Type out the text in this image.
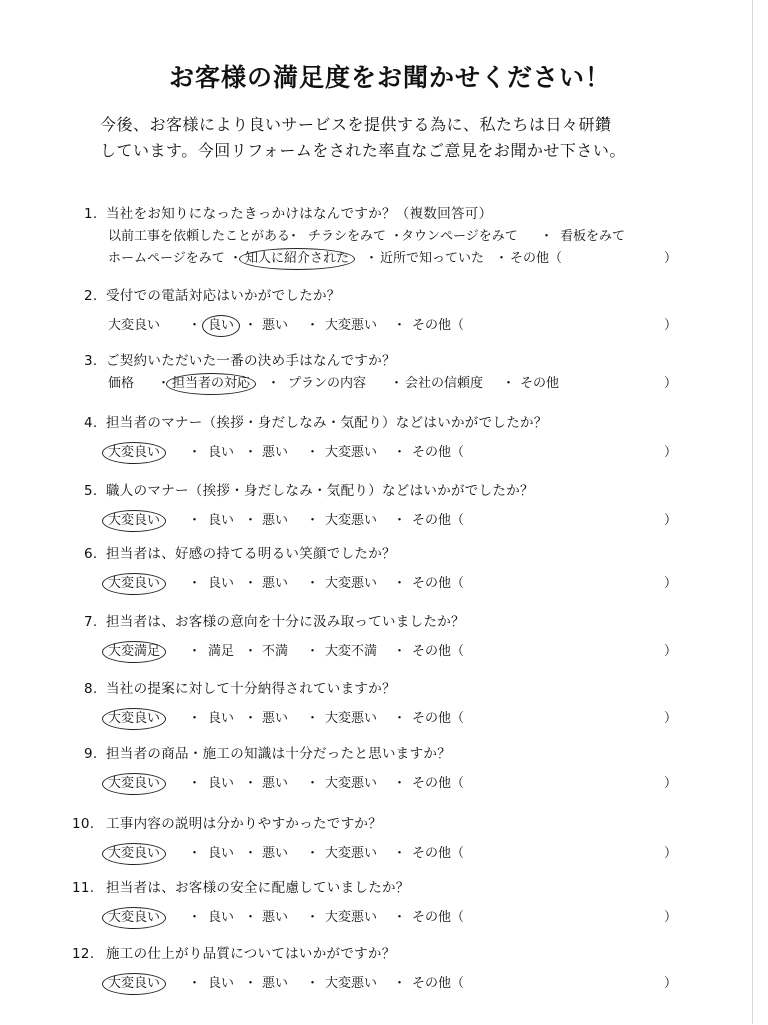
お客様の満足度をお聞かせください！

今後、お客様により良いサービスを提供する為に、私たちは日々研鑽
しています。今回リフォームをされた率直なご意見をお聞かせ下さい。

1. 当社をお知りになったきっかけはなんですか？（複数回答可）
以前工事を依頼したことがある チラシをみて タウンページをみて	看板をみて
・	・	・
ホームページをみて	知人に紹介された	近所で知っていた その他（
・	・	・	）
2. 受付での電話対応はいかがでしたか？
大変良い	良い	悪い	大変悪い	その他（
・	・	・	・	）
3. ご契約いただいた一番の決め手はなんですか？
価格	担当者の対応	プランの内容	会社の信頼度	その他
・	・	・	・	）
4. 担当者のマナー（挨拶・身だしなみ・気配り）などはいかがでしたか？
大変良い	良い 悪い	大変悪い	その他（
・	・	・	・	）
5. 職人のマナー（挨拶・身だしなみ・気配り）などはいかがでしたか？
大変良い	良い 悪い	大変悪い	その他（
・	・	・	・	）
6. 担当者は、好感の持てる明るい笑顔でしたか？
大変良い	良い 悪い	大変悪い	その他（
・	・	・	・	）
7. 担当者は、お客様の意向を十分に汲み取っていましたか？
大変満足	満足 不満	大変不満	その他（
・	・	・	・	）
8. 当社の提案に対して十分納得されていますか？
大変良い	良い 悪い	大変悪い	その他（
・	・	・	・	）
9. 担当者の商品・施工の知識は十分だったと思いますか？
大変良い	良い 悪い	大変悪い	その他（
・	・	・	・	）
10. 工事内容の説明は分かりやすかったですか？
大変良い	良い 悪い	大変悪い	その他（
・	・	・	・	）
11. 担当者は、お客様の安全に配慮していましたか？
大変良い	良い 悪い	大変悪い	その他（
・	・	・	・	）
12. 施工の仕上がり品質についてはいかがですか？
大変良い	良い 悪い	大変悪い	その他（
・	・	・	・	）
